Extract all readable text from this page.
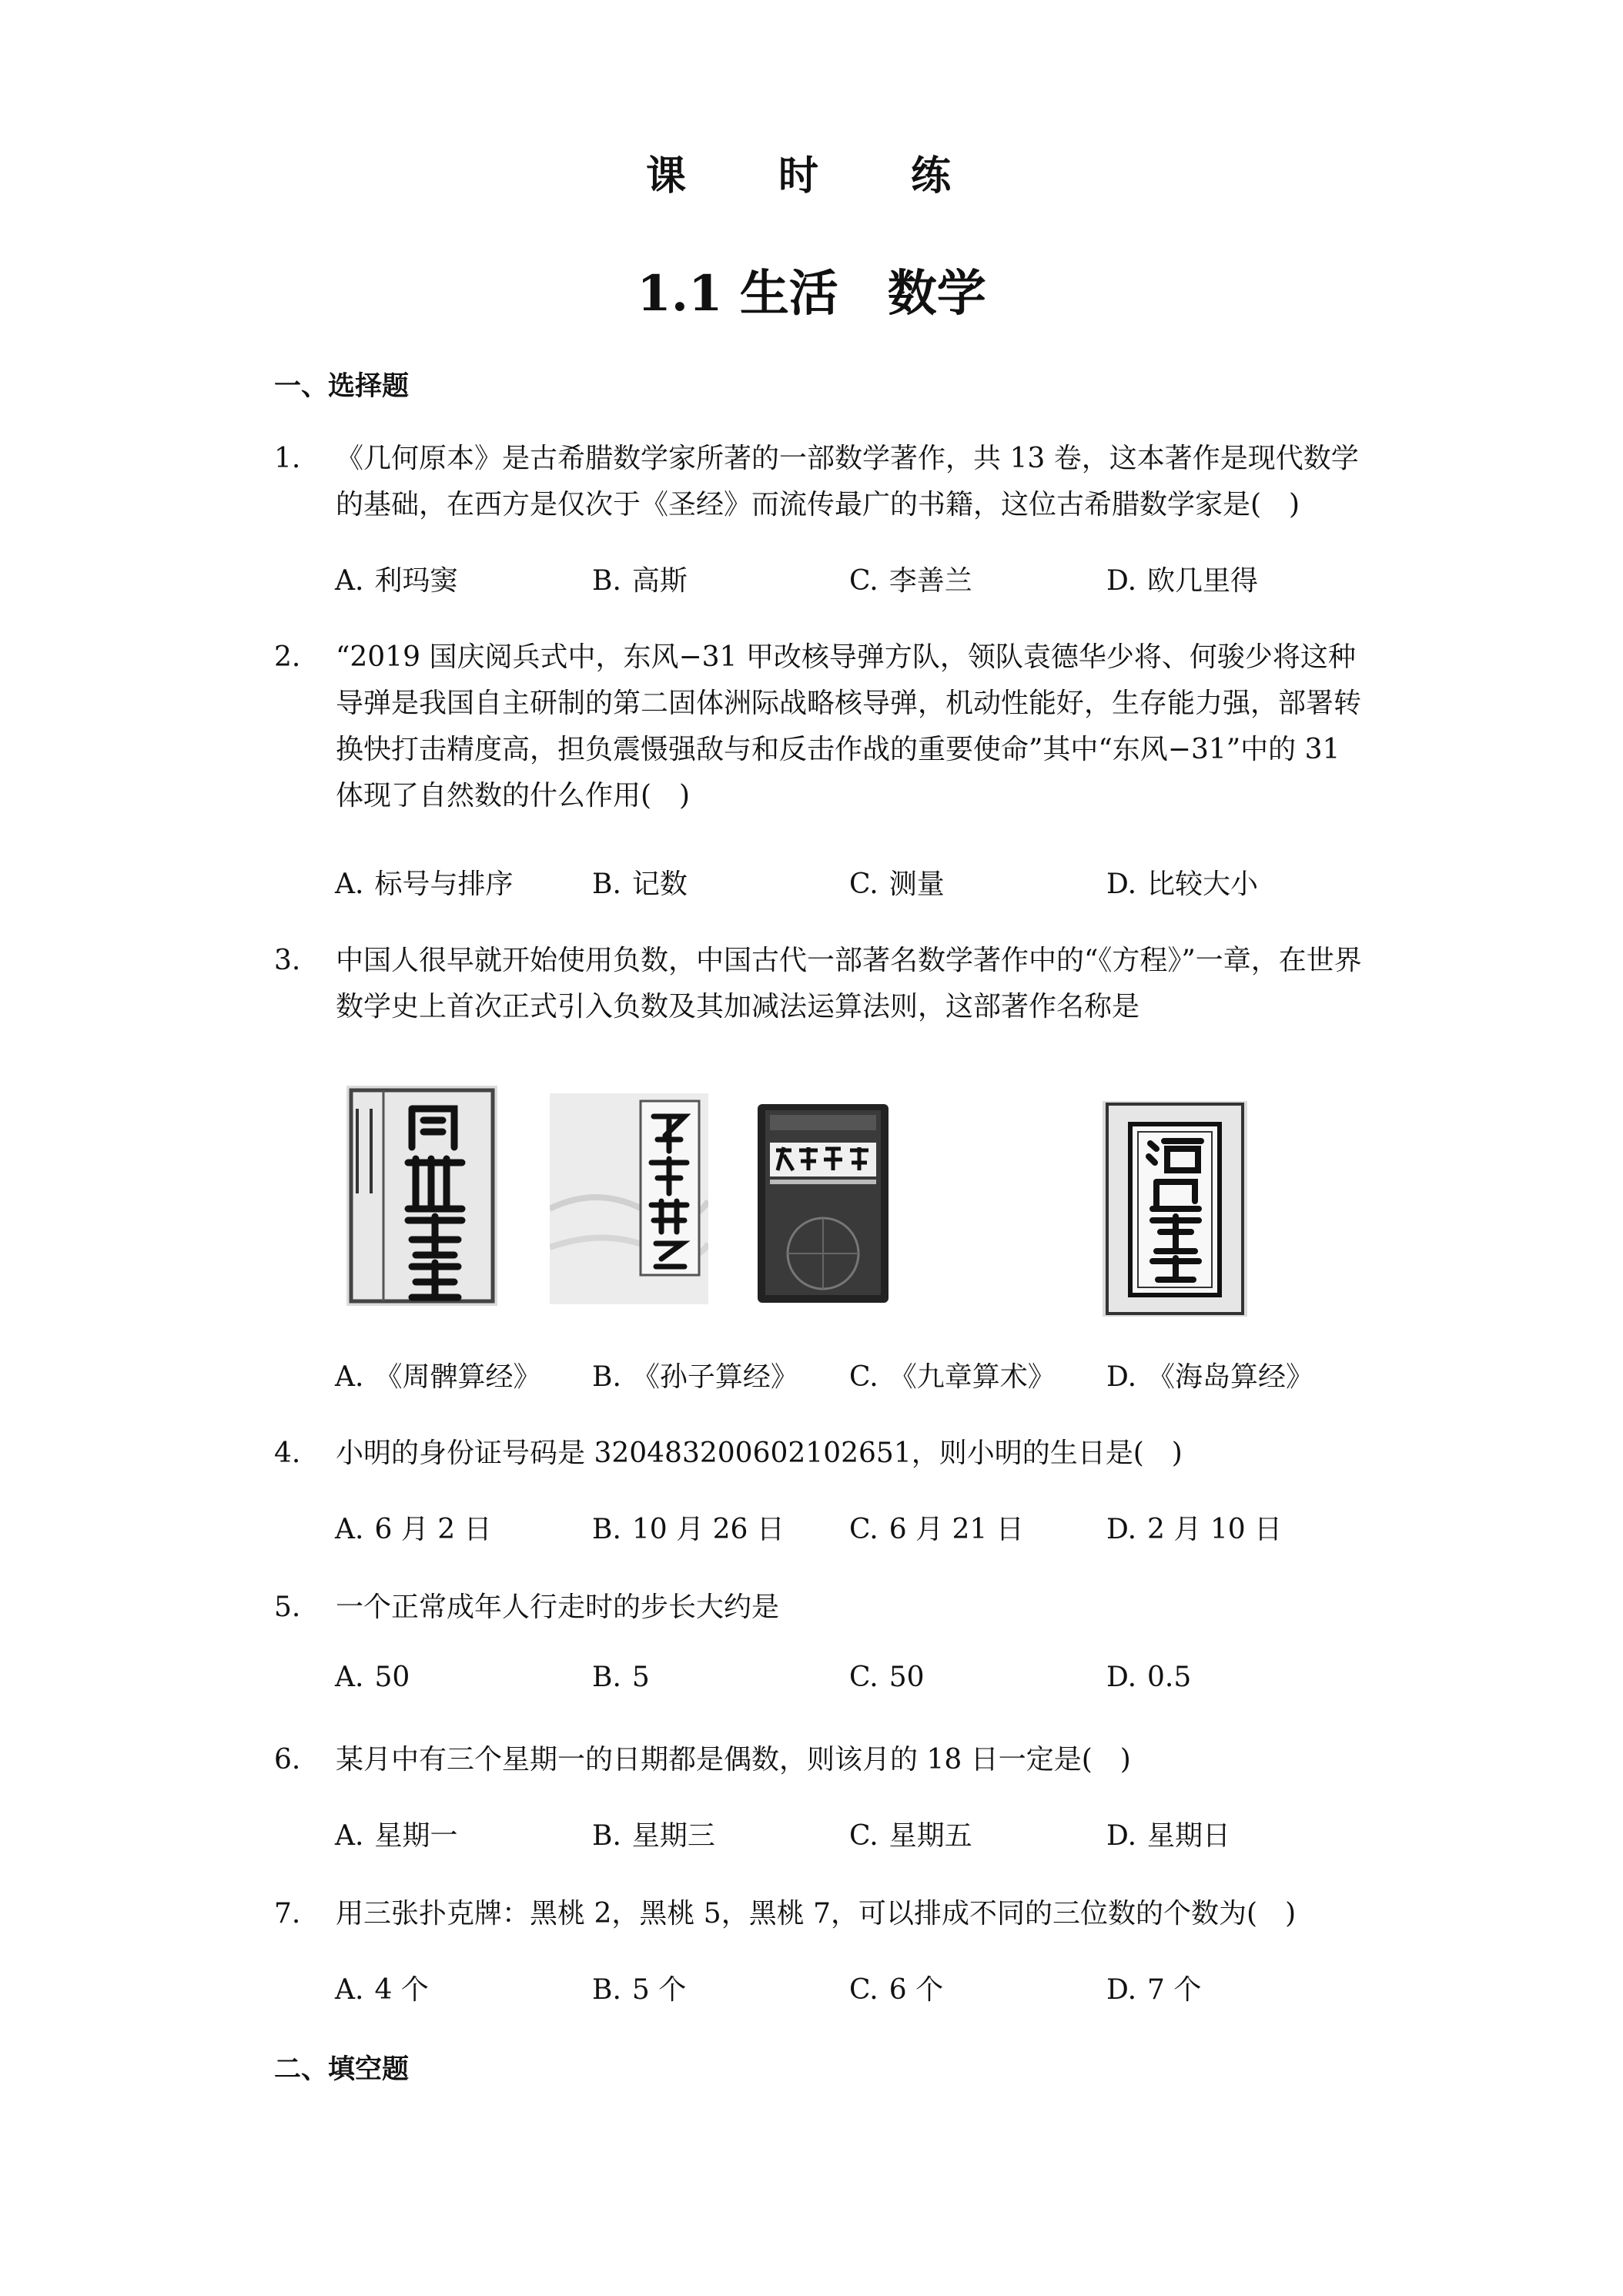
课　时　练
1.1 生活　数学
一、选择题
1. 《几何原本》是古希腊数学家所著的一部数学著作，共 13 卷，这本著作是现代数学的基础，在西方是仅次于《圣经》而流传最广的书籍，这位古希腊数学家是(　)
A. 利玛窦	B. 高斯	C. 李善兰	D. 欧几里得
2. “2019 国庆阅兵式中，东风−31 甲改核导弹方队，领队袁德华少将、何骏少将这种导弹是我国自主研制的第二固体洲际战略核导弹，机动性能好，生存能力强，部署转换快打击精度高，担负震慑强敌与和反击作战的重要使命”其中“东风−31”中的 31 体现了自然数的什么作用(　)
A. 标号与排序	B. 记数	C. 测量	D. 比较大小
3. 中国人很早就开始使用负数，中国古代一部著名数学著作中的“《方程》”一章，在世界数学史上首次正式引入负数及其加减法运算法则，这部著作名称是
A. 《周髀算经》 B. 《孙子算经》 C. 《九章算术》 D. 《海岛算经》
4. 小明的身份证号码是 320483200602102651，则小明的生日是(　)
A. 6 月 2 日	B. 10 月 26 日 C. 6 月 21 日	D. 2 月 10 日
5. 一个正常成年人行走时的步长大约是
A. 50	B. 5	C. 50	D. 0.5
6. 某月中有三个星期一的日期都是偶数，则该月的 18 日一定是(　)
A. 星期一	B. 星期三	C. 星期五	D. 星期日
7. 用三张扑克牌：黑桃 2，黑桃 5，黑桃 7，可以排成不同的三位数的个数为(　)
A. 4 个	B. 5 个	C. 6 个	D. 7 个
二、填空题
